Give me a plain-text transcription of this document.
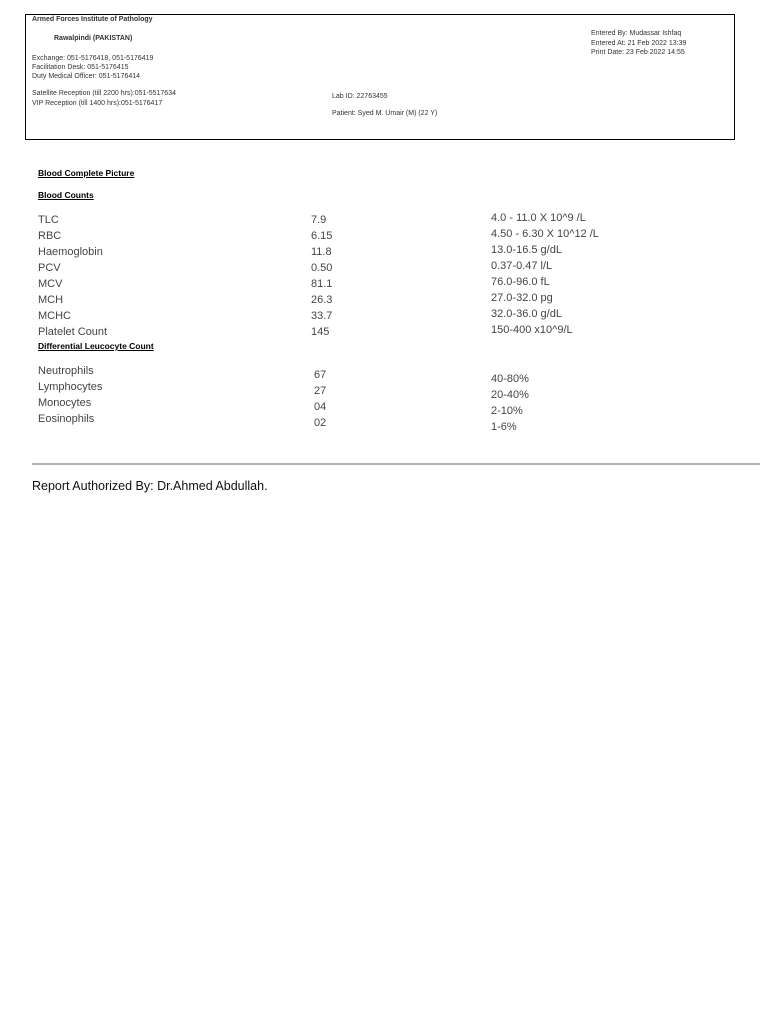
Armed Forces Institute of Pathology
Rawalpindi (PAKISTAN)
Exchange: 051-5176418, 051-5176419
Facilitation Desk: 051-5176415
Duty Medical Officer: 051-5176414
Satellite Reception (till 2200 hrs):051-5517634
VIP Reception (till 1400 hrs):051-5176417
Entered By: Mudassar Ishfaq
Entered At: 21 Feb 2022 13:39
Print Date: 23 Feb 2022 14:55
Lab ID: 22763455
Patient: Syed M. Umair (M) (22 Y)
Blood Complete Picture
Blood Counts
TLC	7.9	4.0 - 11.0 X 10^9 /L
RBC	6.15	4.50 - 6.30 X 10^12 /L
Haemoglobin	11.8	13.0-16.5 g/dL
PCV	0.50	0.37-0.47 l/L
MCV	81.1	76.0-96.0 fL
MCH	26.3	27.0-32.0 pg
MCHC	33.7	32.0-36.0 g/dL
Platelet Count	145	150-400 x10^9/L
Differential Leucocyte Count
Neutrophils	67	40-80%
Lymphocytes	27	20-40%
Monocytes	04	2-10%
Eosinophils	02	1-6%
Report Authorized By: Dr.Ahmed Abdullah.
